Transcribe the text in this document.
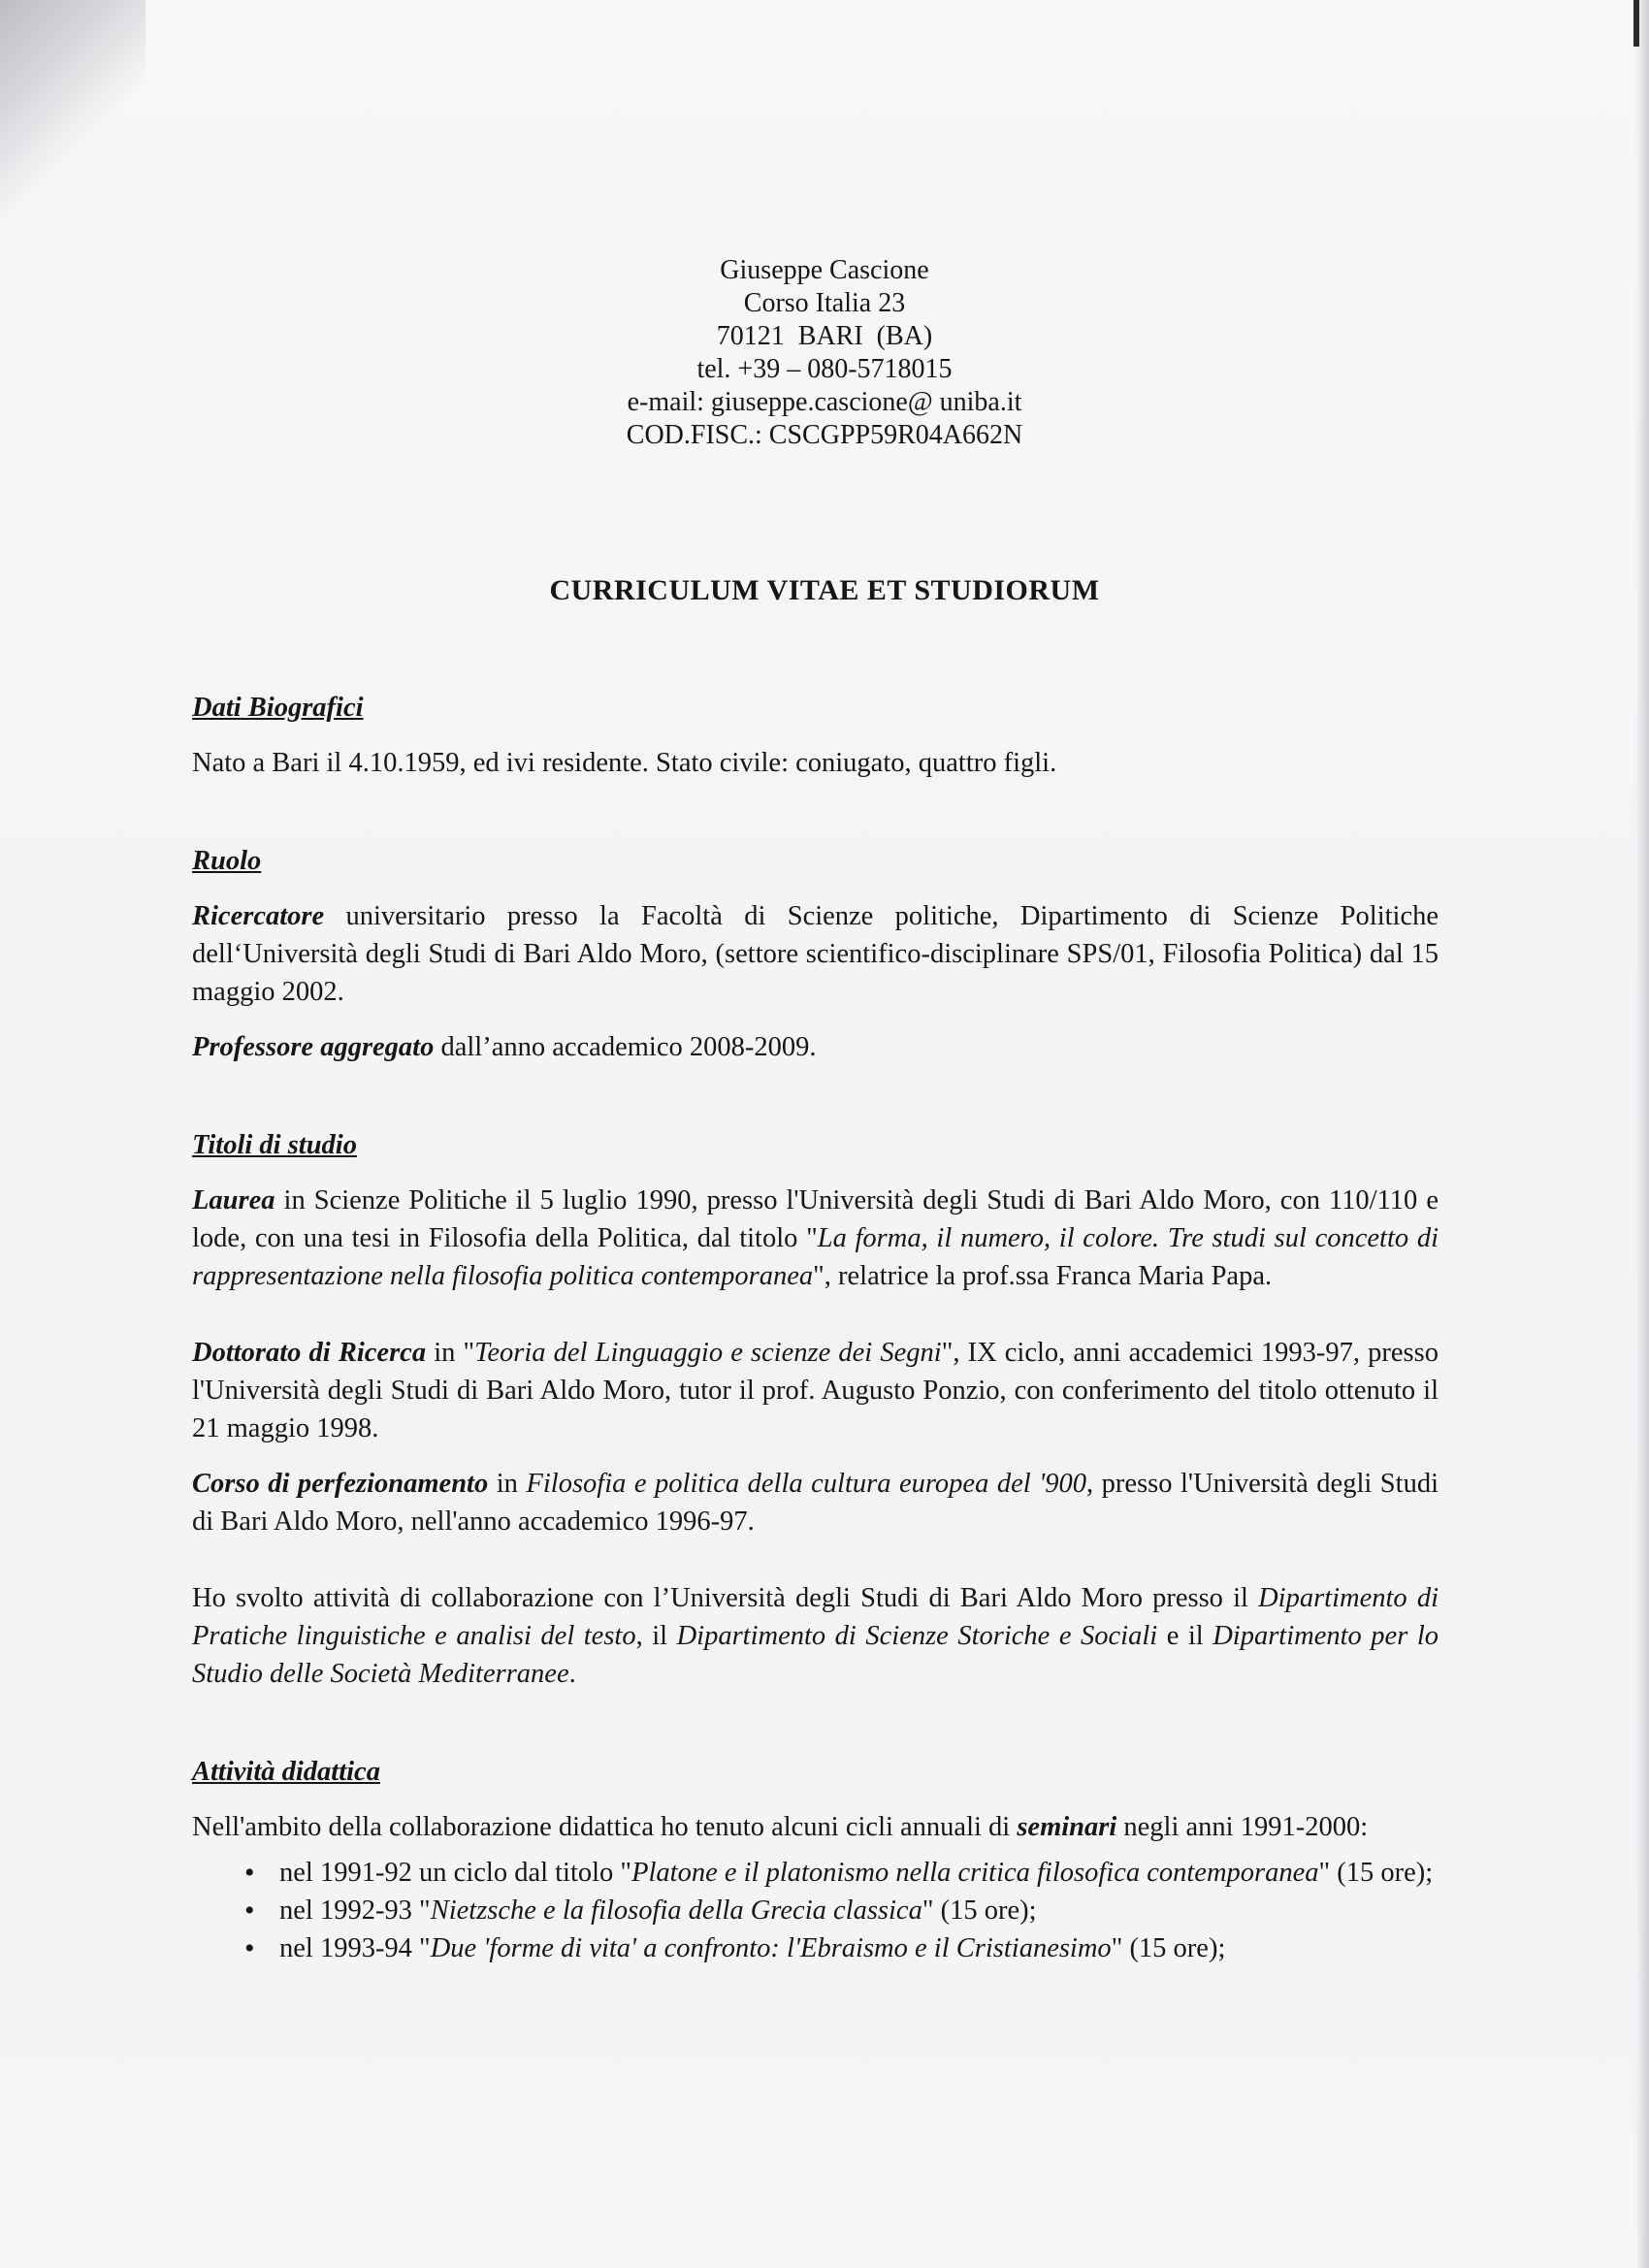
Giuseppe Cascione
Corso Italia 23
70121  BARI  (BA)
tel. +39 – 080-5718015
e-mail: giuseppe.cascione@ uniba.it
COD.FISC.: CSCGPP59R04A662N
CURRICULUM VITAE ET STUDIORUM

Dati Biografici

Nato a Bari il 4.10.1959, ed ivi residente. Stato civile: coniugato, quattro figli.

Ruolo

Ricercatore universitario presso la Facoltà di Scienze politiche, Dipartimento di Scienze Politiche dell‘Università degli Studi di Bari Aldo Moro, (settore scientifico-disciplinare SPS/01, Filosofia Politica) dal 15 maggio 2002.

Professore aggregato dall’anno accademico 2008-2009.

Titoli di studio

Laurea in Scienze Politiche il 5 luglio 1990, presso l'Università degli Studi di Bari Aldo Moro, con 110/110 e lode, con una tesi in Filosofia della Politica, dal titolo "La forma, il numero, il colore. Tre studi sul concetto di rappresentazione nella filosofia politica contemporanea", relatrice la prof.ssa Franca Maria Papa.

Dottorato di Ricerca in "Teoria del Linguaggio e scienze dei Segni", IX ciclo, anni accademici 1993-97, presso l'Università degli Studi di Bari Aldo Moro, tutor il prof. Augusto Ponzio, con conferimento del titolo ottenuto il 21 maggio 1998.

Corso di perfezionamento in Filosofia e politica della cultura europea del '900, presso l'Università degli Studi di Bari Aldo Moro, nell'anno accademico 1996-97.

Ho svolto attività di collaborazione con l’Università degli Studi di Bari Aldo Moro presso il Dipartimento di Pratiche linguistiche e analisi del testo, il Dipartimento di Scienze Storiche e Sociali e il Dipartimento per lo Studio delle Società Mediterranee.

Attività didattica

Nell'ambito della collaborazione didattica ho tenuto alcuni cicli annuali di seminari negli anni 1991-2000:

• nel 1991-92 un ciclo dal titolo "Platone e il platonismo nella critica filosofica contemporanea" (15 ore);
• nel 1992-93 "Nietzsche e la filosofia della Grecia classica" (15 ore);
• nel 1993-94 "Due 'forme di vita' a confronto: l'Ebraismo e il Cristianesimo" (15 ore);
